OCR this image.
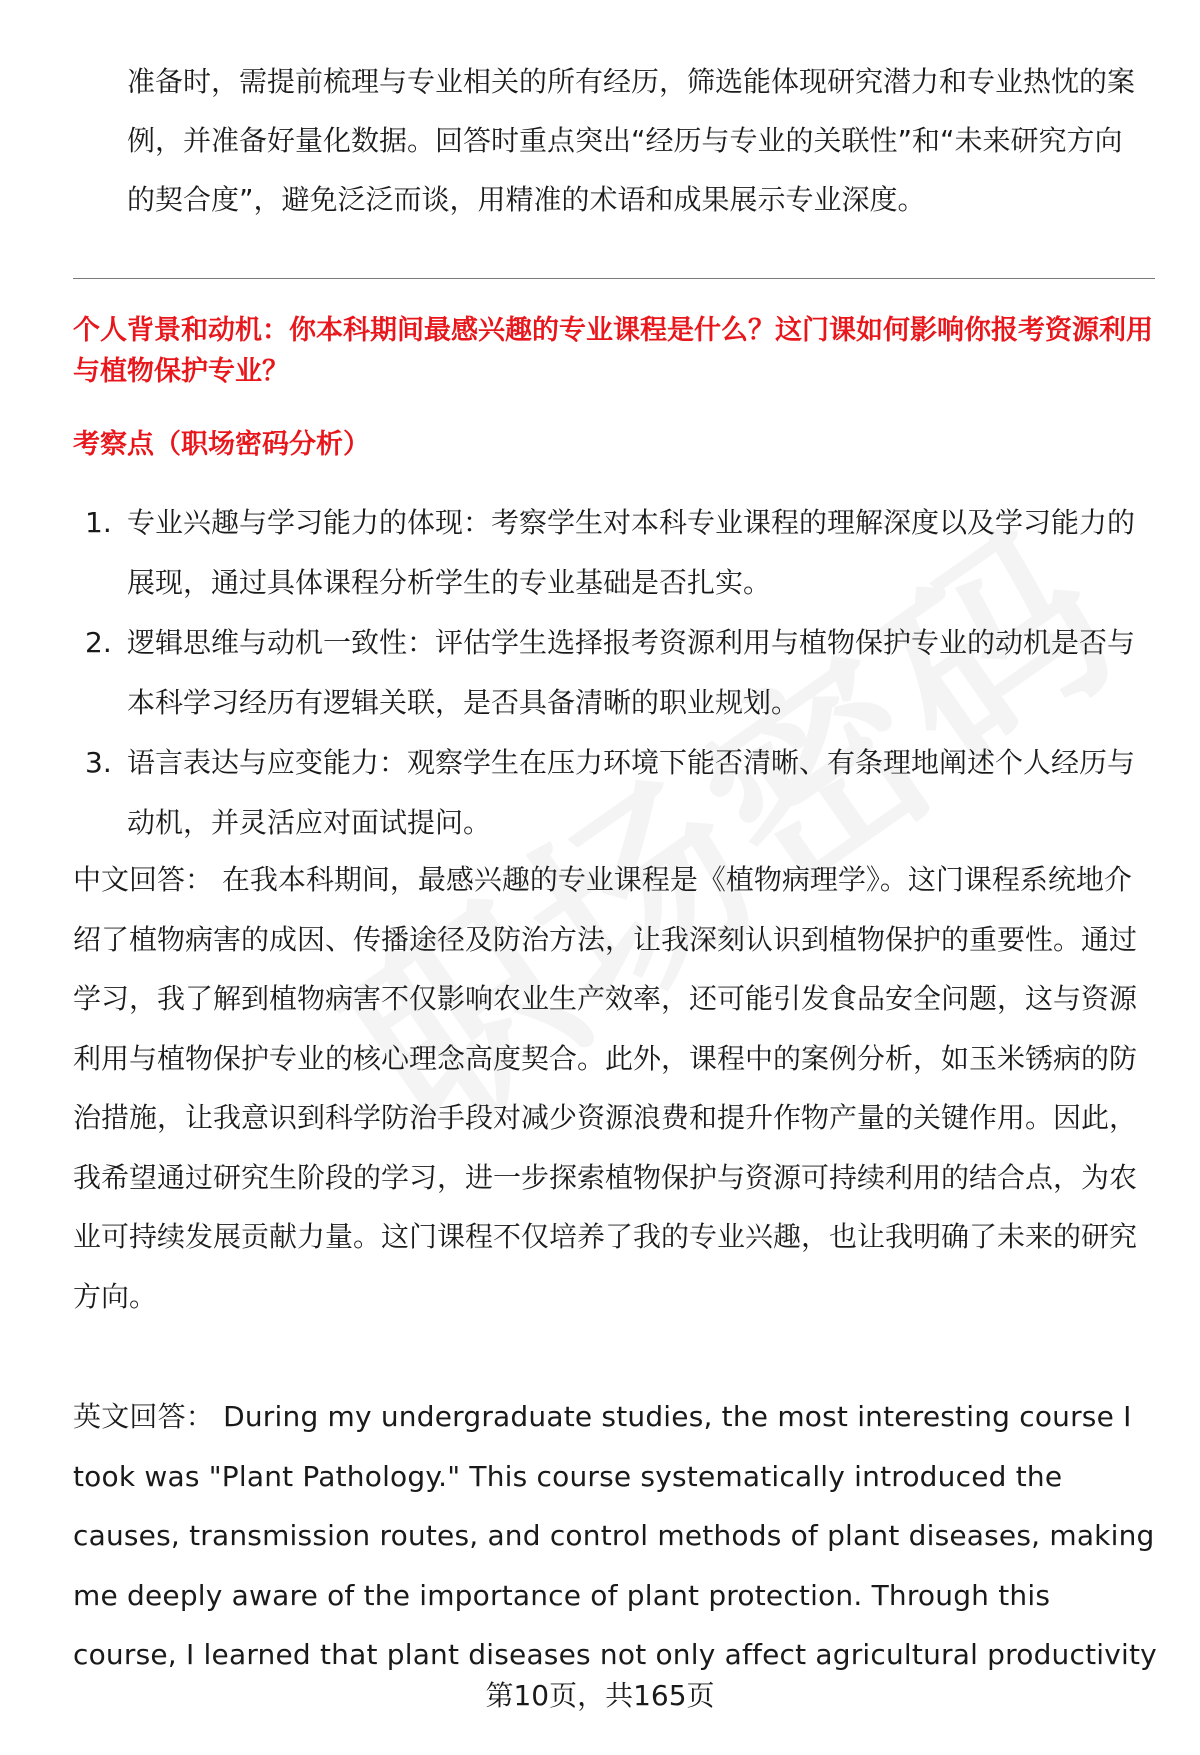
准备时，需提前梳理与专业相关的所有经历，筛选能体现研究潜力和专业热忱的案例，并准备好量化数据。回答时重点突出“经历与专业的关联性”和“未来研究方向的契合度”，避免泛泛而谈，用精准的术语和成果展示专业深度。

个人背景和动机：你本科期间最感兴趣的专业课程是什么？这门课如何影响你报考资源利用与植物保护专业？

考察点（职场密码分析）

1. 专业兴趣与学习能力的体现：考察学生对本科专业课程的理解深度以及学习能力的展现，通过具体课程分析学生的专业基础是否扎实。
2. 逻辑思维与动机一致性：评估学生选择报考资源利用与植物保护专业的动机是否与本科学习经历有逻辑关联，是否具备清晰的职业规划。
3. 语言表达与应变能力：观察学生在压力环境下能否清晰、有条理地阐述个人经历与动机，并灵活应对面试提问。

中文回答： 在我本科期间，最感兴趣的专业课程是《植物病理学》。这门课程系统地介绍了植物病害的成因、传播途径及防治方法，让我深刻认识到植物保护的重要性。通过学习，我了解到植物病害不仅影响农业生产效率，还可能引发食品安全问题，这与资源利用与植物保护专业的核心理念高度契合。此外，课程中的案例分析，如玉米锈病的防治措施，让我意识到科学防治手段对减少资源浪费和提升作物产量的关键作用。因此，我希望通过研究生阶段的学习，进一步探索植物保护与资源可持续利用的结合点，为农业可持续发展贡献力量。这门课程不仅培养了我的专业兴趣，也让我明确了未来的研究方向。

英文回答： During my undergraduate studies, the most interesting course I took was "Plant Pathology." This course systematically introduced the causes, transmission routes, and control methods of plant diseases, making me deeply aware of the importance of plant protection. Through this course, I learned that plant diseases not only affect agricultural productivity

第10页，共165页
